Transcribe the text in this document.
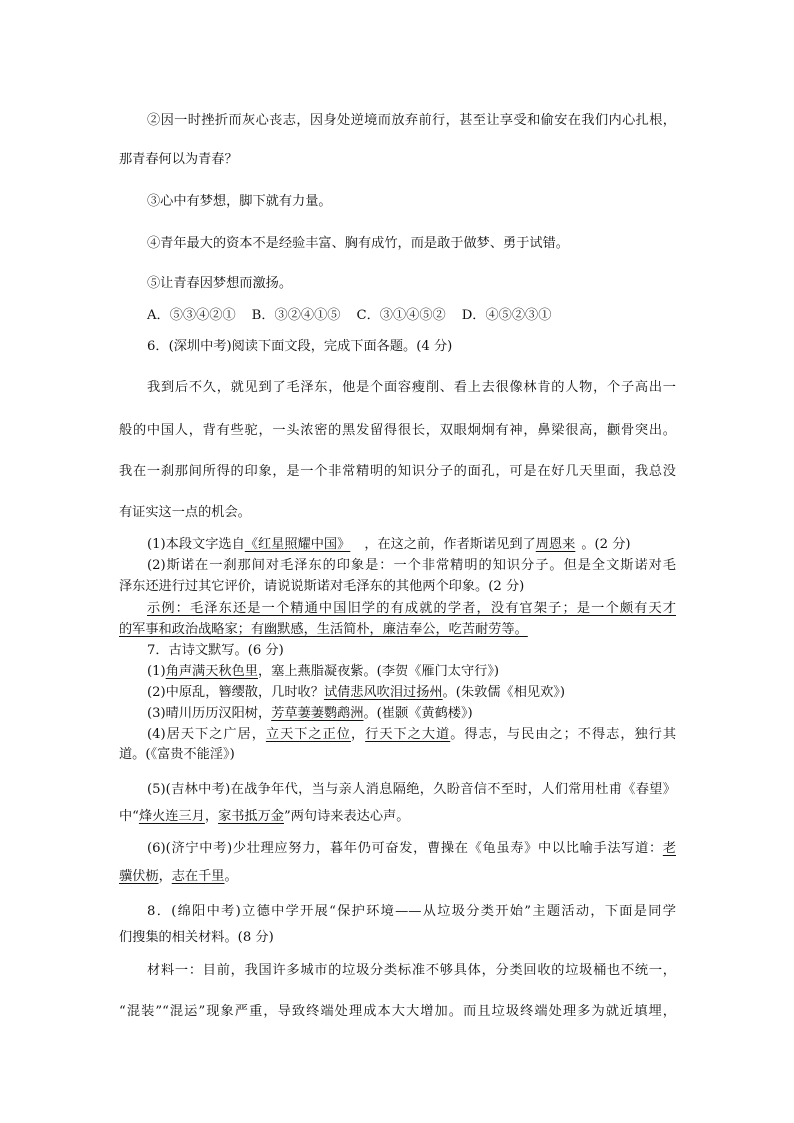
②因一时挫折而灰心丧志，因身处逆境而放弃前行，甚至让享受和偷安在我们内心扎根，
那青春何以为青春？
③心中有梦想，脚下就有力量。
④青年最大的资本不是经验丰富、胸有成竹，而是敢于做梦、勇于试错。
⑤让青春因梦想而激扬。
A．⑤③④②① B．③②④①⑤ C．③①④⑤② D．④⑤②③①
6．(深圳中考)阅读下面文段，完成下面各题。(4 分)
我到后不久，就见到了毛泽东，他是个面容瘦削、看上去很像林肯的人物，个子高出一
般的中国人，背有些驼，一头浓密的黑发留得很长，双眼炯炯有神，鼻梁很高，颧骨突出。
我在一刹那间所得的印象，是一个非常精明的知识分子的面孔，可是在好几天里面，我总没
有证实这一点的机会。
(1)本段文字选自《红星照耀中国》 ，在这之前，作者斯诺见到了周恩来 。(2 分)
(2)斯诺在一刹那间对毛泽东的印象是：一个非常精明的知识分子。但是全文斯诺对毛
泽东还进行过其它评价，请说说斯诺对毛泽东的其他两个印象。(2 分)
示例：毛泽东还是一个精通中国旧学的有成就的学者，没有官架子；是一个颇有天才
的军事和政治战略家；有幽默感，生活简朴，廉洁奉公，吃苦耐劳等。
7．古诗文默写。(6 分)
(1)角声满天秋色里，塞上燕脂凝夜紫。(李贺《雁门太守行》)
(2)中原乱，簪缨散，几时收？试倩悲风吹泪过扬州。(朱敦儒《相见欢》)
(3)晴川历历汉阳树，芳草萋萋鹦鹉洲。(崔颢《黄鹤楼》)
(4)居天下之广居，立天下之正位，行天下之大道。得志，与民由之；不得志，独行其
道。(《富贵不能淫》)
(5)(吉林中考)在战争年代，当与亲人消息隔绝，久盼音信不至时，人们常用杜甫《春望》
中“烽火连三月，家书抵万金”两句诗来表达心声。
(6)(济宁中考)少壮理应努力，暮年仍可奋发，曹操在《龟虽寿》中以比喻手法写道：老
骥伏枥，志在千里。
8．(绵阳中考)立德中学开展“保护环境——从垃圾分类开始”主题活动，下面是同学
们搜集的相关材料。(8 分)
材料一：目前，我国许多城市的垃圾分类标准不够具体，分类回收的垃圾桶也不统一，
“混装”“混运”现象严重，导致终端处理成本大大增加。而且垃圾终端处理多为就近填埋，
